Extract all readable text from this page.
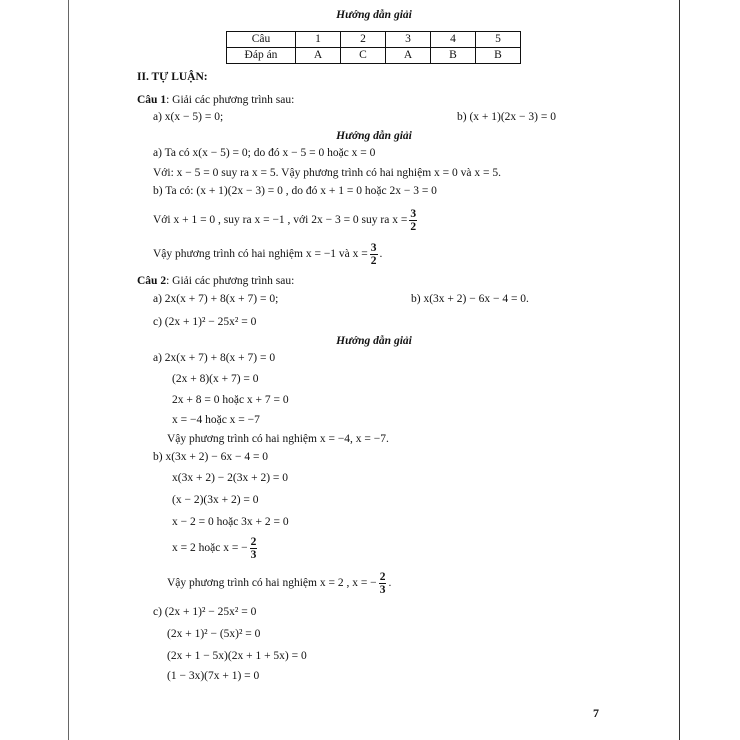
Hướng dẫn giải
Câu	1	2	3	4	5
Đáp án	A	C	A	B	B
II. TỰ LUẬN:
Câu 1: Giải các phương trình sau:
a) x(x − 5) = 0;	b) (x + 1)(2x − 3) = 0
Hướng dẫn giải
a) Ta có x(x − 5) = 0; do đó x − 5 = 0 hoặc x = 0
Với: x − 5 = 0 suy ra x = 5. Vậy phương trình có hai nghiệm x = 0 và x = 5.
b) Ta có: (x + 1)(2x − 3) = 0 , do đó x + 1 = 0 hoặc 2x − 3 = 0
Với x + 1 = 0 , suy ra x = −1 , với 2x − 3 = 0 suy ra $x = \frac{3}{2}$
Vậy phương trình có hai nghiệm x = −1 và $x = \frac{3}{2}$ .
Câu 2: Giải các phương trình sau:
a) 2x(x + 7) + 8(x + 7) = 0;	b) x(3x + 2) − 6x − 4 = 0.
c) (2x + 1)² − 25x² = 0
Hướng dẫn giải
a) 2x(x + 7) + 8(x + 7) = 0
(2x + 8)(x + 7) = 0
2x + 8 = 0 hoặc x + 7 = 0
x = −4 hoặc x = −7
Vậy phương trình có hai nghiệm x = −4, x = −7.
b) x(3x + 2) − 6x − 4 = 0
x(3x + 2) − 2(3x + 2) = 0
(x − 2)(3x + 2) = 0
x − 2 = 0 hoặc 3x + 2 = 0
x = 2 hoặc x = − $\frac{2}{3}$
Vậy phương trình có hai nghiệm x = 2 , x = − $\frac{2}{3}$ .
c) (2x + 1)² − 25x² = 0
(2x + 1)² − (5x)² = 0
(2x + 1 − 5x)(2x + 1 + 5x) = 0
(1 − 3x)(7x + 1) = 0
7
